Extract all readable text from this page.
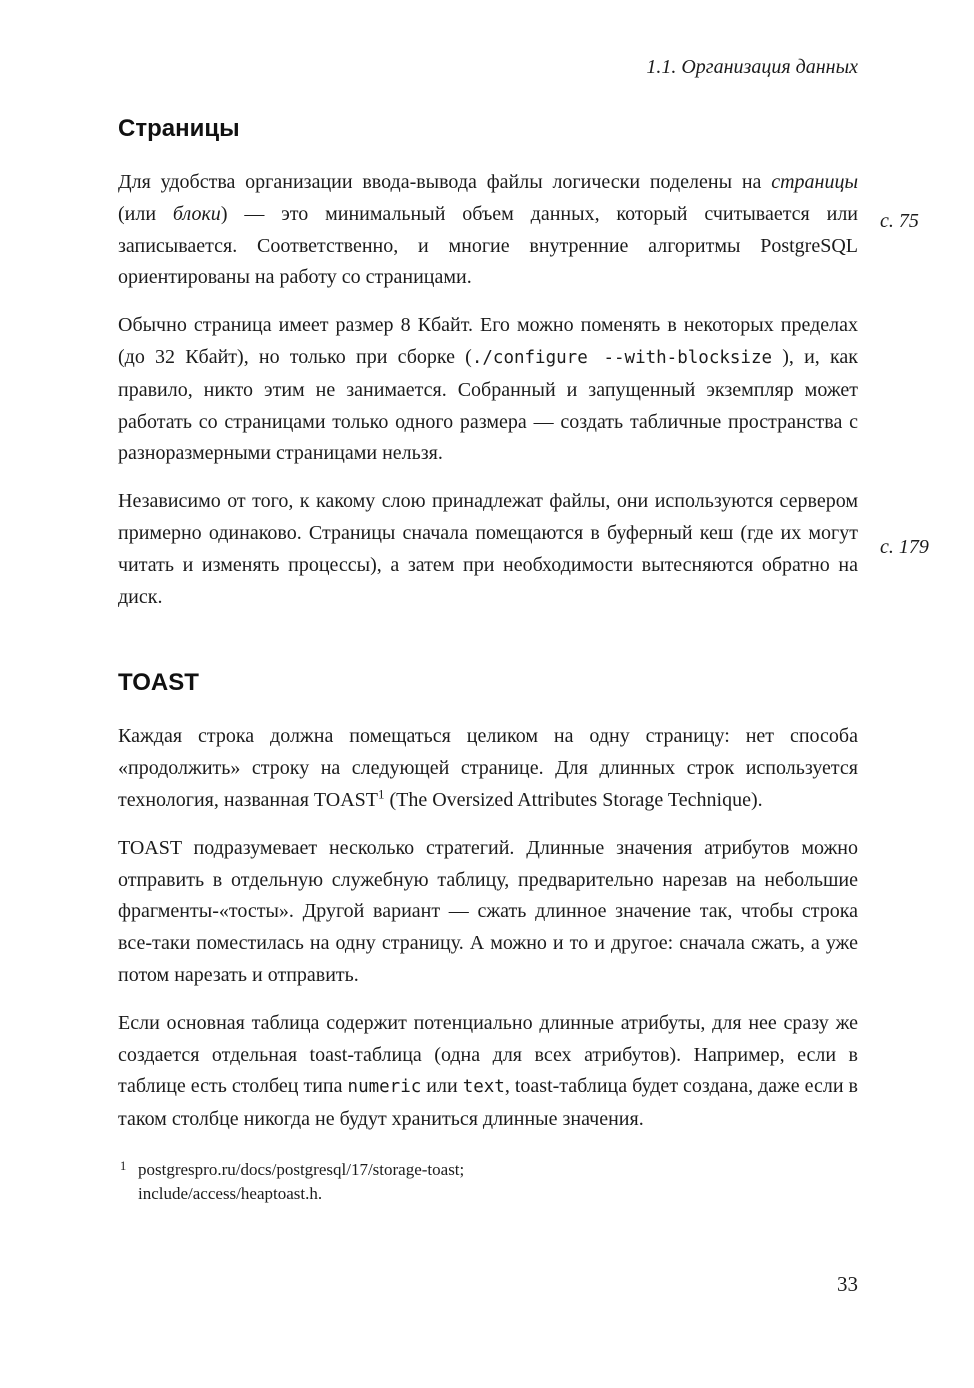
с. 75
с. 179
1.1. Организация данных
Страницы

Для удобства организации ввода-вывода файлы логически поделены на страницы (или блоки) — это минимальный объем данных, который считывается или записывается. Соответственно, и многие внутренние алгоритмы PostgreSQL ориентированы на работу со страницами.

Обычно страница имеет размер 8 Кбайт. Его можно поменять в некоторых пределах (до 32 Кбайт), но только при сборке (./configure --with-blocksize ), и, как правило, никто этим не занимается. Собранный и запущенный экземпляр может работать со страницами только одного размера — создать табличные пространства с разноразмерными страницами нельзя.

Независимо от того, к какому слою принадлежат файлы, они используются сервером примерно одинаково. Страницы сначала помещаются в буферный кеш (где их могут читать и изменять процессы), а затем при необходимости вытесняются обратно на диск.

TOAST

Каждая строка должна помещаться целиком на одну страницу: нет способа «продолжить» строку на следующей странице. Для длинных строк используется технология, названная TOAST$^1$ (The Oversized Attributes Storage Technique).

TOAST подразумевает несколько стратегий. Длинные значения атрибутов можно отправить в отдельную служебную таблицу, предварительно нарезав на небольшие фрагменты-«тосты». Другой вариант — сжать длинное значение так, чтобы строка все-таки поместилась на одну страницу. А можно и то и другое: сначала сжать, а уже потом нарезать и отправить.

Если основная таблица содержит потенциально длинные атрибуты, для нее сразу же создается отдельная toast-таблица (одна для всех атрибутов). Например, если в таблице есть столбец типа numeric или text, toast-таблица будет создана, даже если в таком столбце никогда не будут храниться длинные значения.

1 postgrespro.ru/docs/postgresql/17/storage-toast;
include/access/heaptoast.h.
33
